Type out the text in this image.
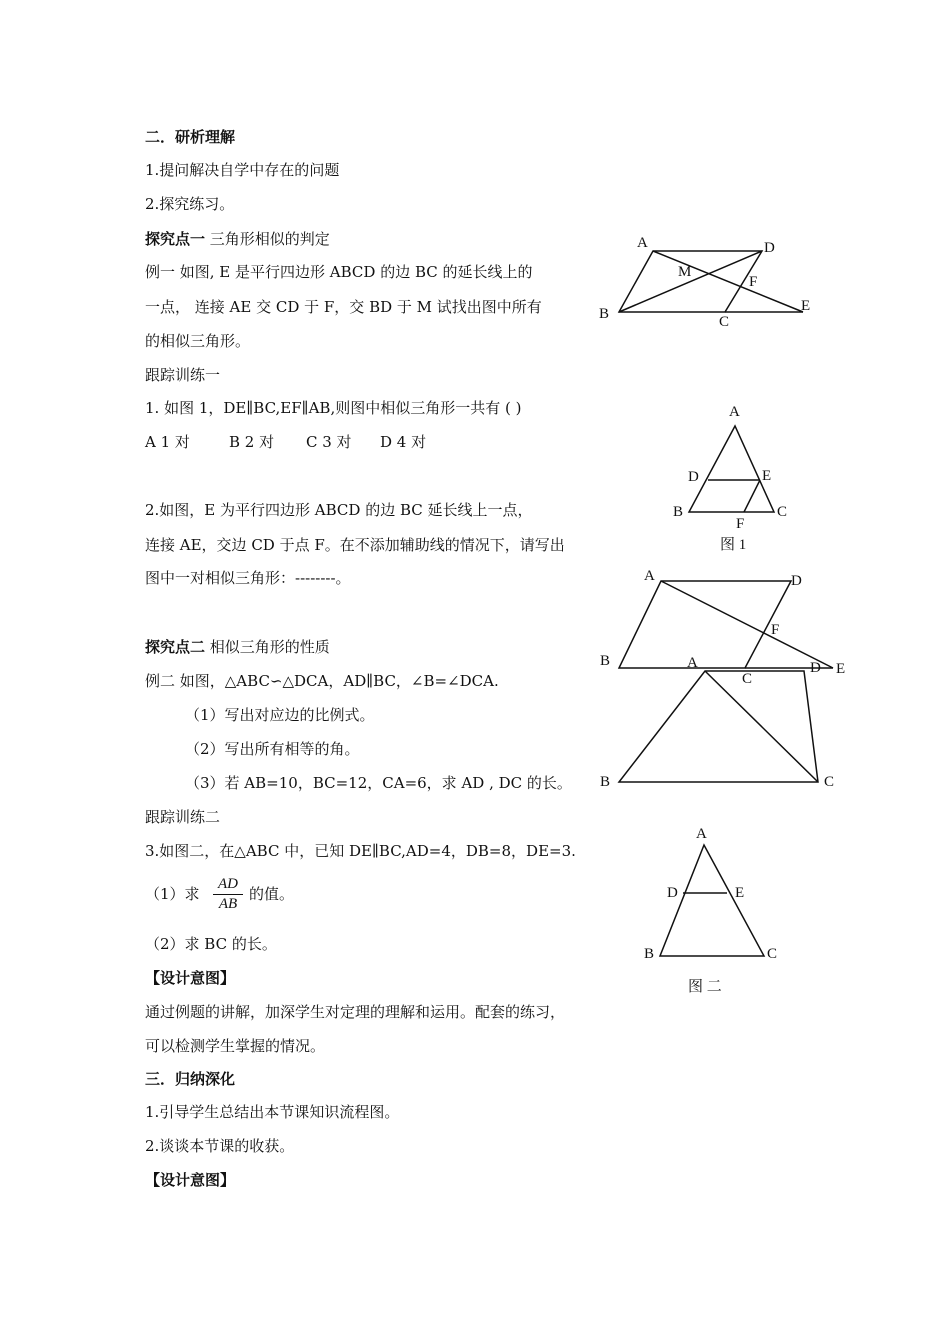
二．研析理解
1.提问解决自学中存在的问题
2.探究练习。
探究点一 三角形相似的判定
例一 如图, E 是平行四边形 ABCD 的边 BC 的延长线上的
一点， 连接 AE 交 CD 于 F，交 BD 于 M 试找出图中所有
的相似三角形。
跟踪训练一
1. 如图 1，DE∥BC,EF∥AB,则图中相似三角形一共有 ( )
A 1 对	B 2 对 C 3 对 D 4 对
2.如图，E 为平行四边形 ABCD 的边 BC 延长线上一点，
连接 AE，交边 CD 于点 F。在不添加辅助线的情况下，请写出
图中一对相似三角形：--------。
探究点二 相似三角形的性质
例二 如图，△ABC∽△DCA，AD∥BC，∠B=∠DCA.
（1）写出对应边的比例式。
（2）写出所有相等的角。
（3）若 AB=10，BC=12，CA=6，求 AD , DC 的长。
跟踪训练二
3.如图二，在△ABC 中，已知 DE∥BC,AD=4，DB=8，DE=3.
（1）求
AD
AB
的值。
（2）求 BC 的长。
【设计意图】
通过例题的讲解，加深学生对定理的理解和运用。配套的练习，
可以检测学生掌握的情况。
三．归纳深化
1.引导学生总结出本节课知识流程图。
2.谈谈本节课的收获。
【设计意图】
A	D
M
F
B	C
E
A
D	E
B
F
C
图 1
A	D
F
B
C
E
A	D
B	C
A
D	E
B	C
图 二
